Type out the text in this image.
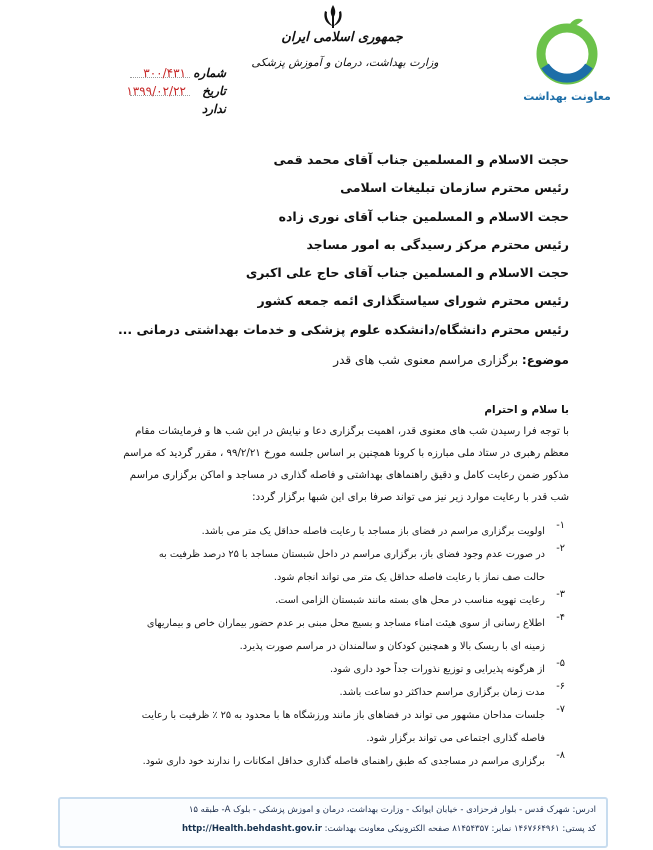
معاونت بهداشت
جمهوری اسلامی ایران
وزارت بهداشت، درمان و آموزش پزشکی
شماره
۳۰۰/۴۳۱
تاریخ
۱۳۹۹/۰۲/۲۲
ندارد
حجت الاسلام و المسلمین جناب آقای محمد قمی
رئیس محترم سازمان تبلیغات اسلامی
حجت الاسلام و المسلمین جناب آقای نوری زاده
رئیس محترم مرکز رسیدگی به امور مساجد
حجت الاسلام و المسلمین جناب آقای حاج علی اکبری
رئیس محترم شورای سیاستگذاری ائمه جمعه کشور
رئیس محترم دانشگاه/دانشکده علوم پزشکی و خدمات بهداشتی درمانی ...
موضوع: برگزاری مراسم معنوی شب های قدر
با سلام و احترام
با توجه فرا رسیدن شب های معنوی قدر، اهمیت برگزاری دعا و نیایش در این شب ها و فرمایشات مقام
معظم رهبری در ستاد ملی مبارزه با کرونا همچنین بر اساس جلسه مورخ ۹۹/۲/۲۱ ، مقرر گردید که مراسم
مذکور ضمن رعایت کامل و دقیق راهنماهای بهداشتی و فاصله گذاری در مساجد و اماکن برگزاری مراسم
شب قدر با رعایت موارد زیر نیز می تواند صرفا برای این شبها برگزار گردد:
۱-
اولویت برگزاری مراسم در فضای باز مساجد با رعایت فاصله حداقل یک متر می باشد.
۲-
در صورت عدم وجود فضای باز، برگزاری مراسم در داخل شبستان مساجد با ۲۵ درصد ظرفیت به
حالت صف نماز با رعایت فاصله حداقل یک متر می تواند انجام شود.
۳-
رعایت تهویه مناسب در محل های بسته مانند شبستان الزامی است.
۴-
اطلاع رسانی از سوی هیئت امناء مساجد و بسیج محل مبنی بر عدم حضور بیماران خاص و بیماریهای
زمینه ای با ریسک بالا و همچنین کودکان و سالمندان در مراسم صورت پذیرد.
۵-
از هرگونه پذیرایی و توزیع نذورات جداً خود داری شود.
۶-
مدت زمان برگزاری مراسم حداکثر دو ساعت باشد.
۷-
جلسات مداحان مشهور می تواند در فضاهای باز مانند ورزشگاه ها با محدود به ۲۵ ٪ ظرفیت با رعایت
فاصله گذاری اجتماعی می تواند برگزار شود.
۸-
برگزاری مراسم در مساجدی که طبق راهنمای فاصله گذاری حداقل امکانات را ندارند خود داری شود.
آدرس: شهرک قدس - بلوار فرحزادی - خیابان ایوانک - وزارت بهداشت، درمان و آموزش پزشکی - بلوک A- طبقه ۱۵
کد پستی: ۱۴۶۷۶۶۴۹۶۱ نمابر: ۸۱۴۵۴۳۵۷ صفحه الکترونیکی معاونت بهداشت: http://Health.behdasht.gov.ir
